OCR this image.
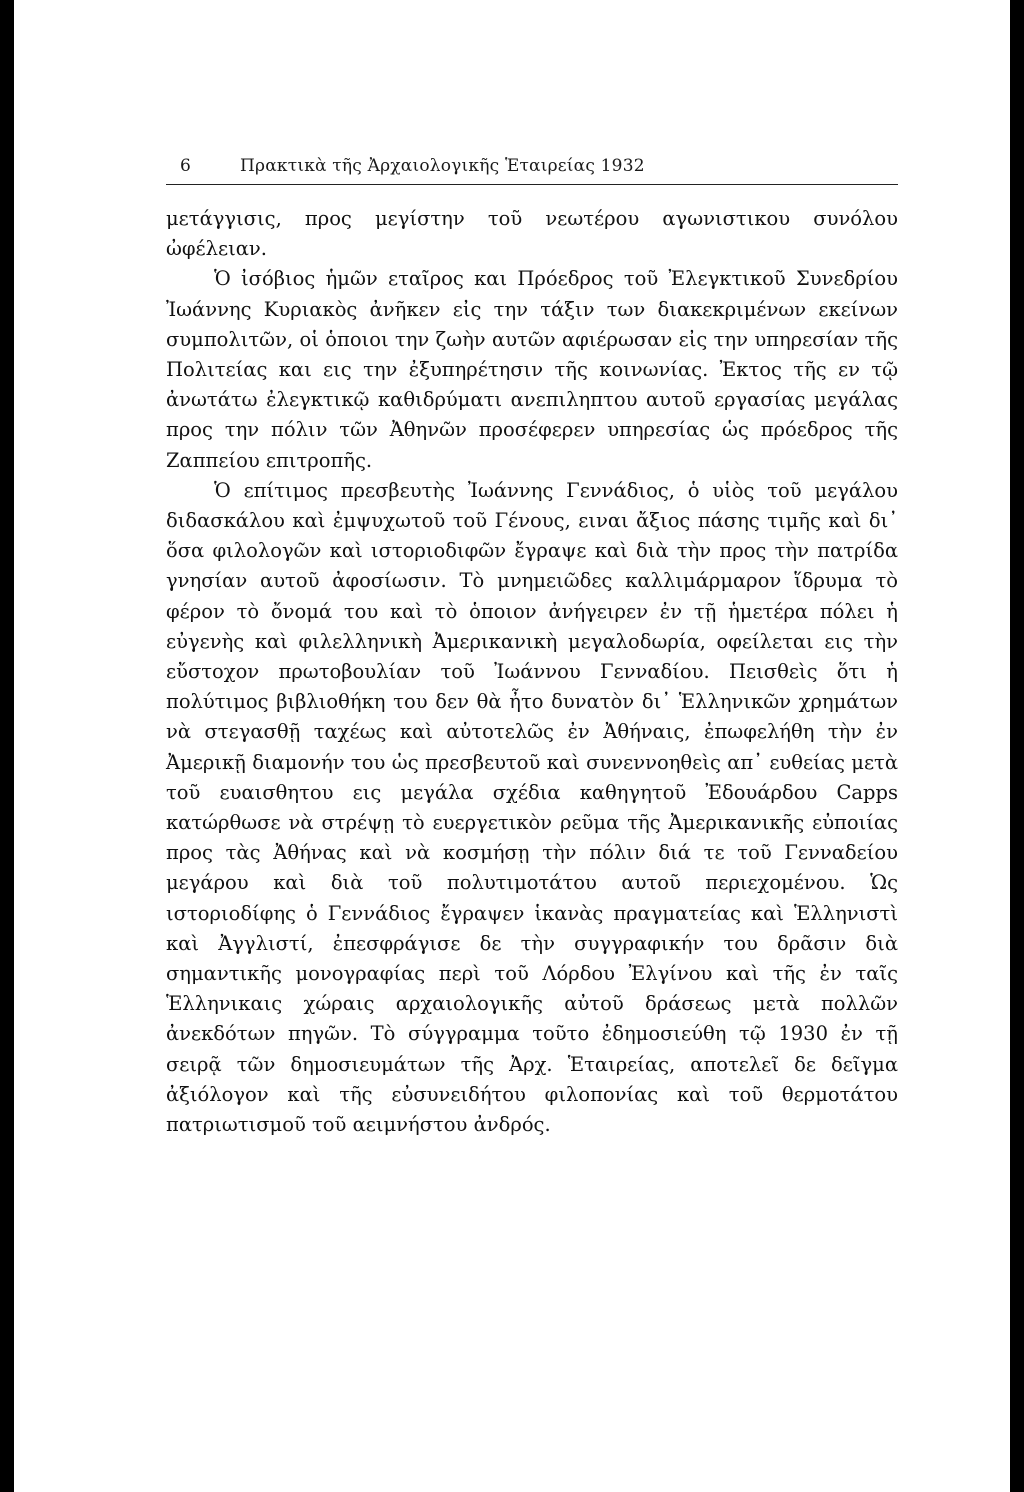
6	Πρακτικὰ τῆς Ἀρχαιολογικῆς Ἑταιρείας 1932

μετάγγισις, προς μεγίστην τοῦ νεωτέρου αγωνιστικου συνόλου ὠφέλειαν.

Ὁ ἰσόβιος ἡμῶν εταῖρος και Πρόεδρος τοῦ Ἐλεγκτικοῦ Συνεδρίου Ἰωάννης Κυριακὸς ἀνῆκεν εἰς την τάξιν των διακεκριμένων εκείνων συμπολιτῶν, οἱ ὁποιοι την ζωὴν αυτῶν αφιέρωσαν εἰς την υπηρεσίαν τῆς Πολιτείας και εις την ἐξυπηρέτησιν τῆς κοινωνίας. Ἐκτος τῆς εν τῷ ἀνωτάτω ἐλεγκτικῷ καθιδρύματι ανεπιληπτου αυτοῦ εργασίας μεγάλας προς την πόλιν τῶν Ἀθηνῶν προσέφερεν υπηρεσίας ὡς πρόεδρος τῆς Ζαππείου επιτροπῆς.

Ὁ επίτιμος πρεσβευτὴς Ἰωάννης Γεννάδιος, ὁ υἱὸς τοῦ μεγάλου διδασκάλου καὶ ἐμψυχωτοῦ τοῦ Γένους, ειναι ἄξιος πάσης τιμῆς καὶ δι᾽ ὅσα φιλολογῶν καὶ ιστοριοδιφῶν ἔγραψε καὶ διὰ τὴν προς τὴν πατρίδα γνησίαν αυτοῦ ἀφοσίωσιν. Τὸ μνημειῶδες καλλιμάρμαρον ἵδρυμα τὸ φέρον τὸ ὄνομά του καὶ τὸ ὁποιον ἀνήγειρεν ἐν τῇ ἡμετέρα πόλει ἡ εὐγενὴς καὶ φιλελληνικὴ Ἀμερικανικὴ μεγαλοδωρία, οφείλεται εις τὴν εὔστοχον πρωτοβουλίαν τοῦ Ἰωάννου Γενναδίου. Πεισθεὶς ὅτι ἡ πολύτιμος βιβλιοθήκη του δεν θὰ ἦτο δυνατὸν δι᾽ Ἑλληνικῶν χρημάτων νὰ στεγασθῇ ταχέως καὶ αὐτοτελῶς ἐν Ἀθήναις, ἐπωφελήθη τὴν ἐν Ἀμερικῇ διαμονήν του ὡς πρεσβευτοῦ καὶ συνεννοηθεὶς απ᾽ ευθείας μετὰ τοῦ ευαισθητου εις μεγάλα σχέδια καθηγητοῦ Ἐδουάρδου Capps κατώρθωσε νὰ στρέψῃ τὸ ευεργετικὸν ρεῦμα τῆς Ἀμερικανικῆς εὐποιίας προς τὰς Ἀθήνας καὶ νὰ κοσμήσῃ τὴν πόλιν διά τε τοῦ Γενναδείου μεγάρου καὶ διὰ τοῦ πολυτιμοτάτου αυτοῦ περιεχομένου. Ὡς ιστοριοδίφης ὁ Γεννάδιος ἔγραψεν ἱκανὰς πραγματείας καὶ Ἑλληνιστὶ καὶ Ἀγγλιστί, ἐπεσφράγισε δε τὴν συγγραφικήν του δρᾶσιν διὰ σημαντικῆς μονογραφίας περὶ τοῦ Λόρδου Ἐλγίνου καὶ τῆς ἐν ταῖς Ἑλληνικαις χώραις αρχαιολογικῆς αὐτοῦ δράσεως μετὰ πολλῶν ἀνεκδότων πηγῶν. Τὸ σύγγραμμα τοῦτο ἐδημοσιεύθη τῷ 1930 ἐν τῇ σειρᾷ τῶν δημοσιευμάτων τῆς Ἀρχ. Ἑταιρείας, αποτελεῖ δε δεῖγμα ἀξιόλογον καὶ τῆς εὐσυνειδήτου φιλοπονίας καὶ τοῦ θερμοτάτου πατριωτισμοῦ τοῦ αειμνήστου ἀνδρός.
